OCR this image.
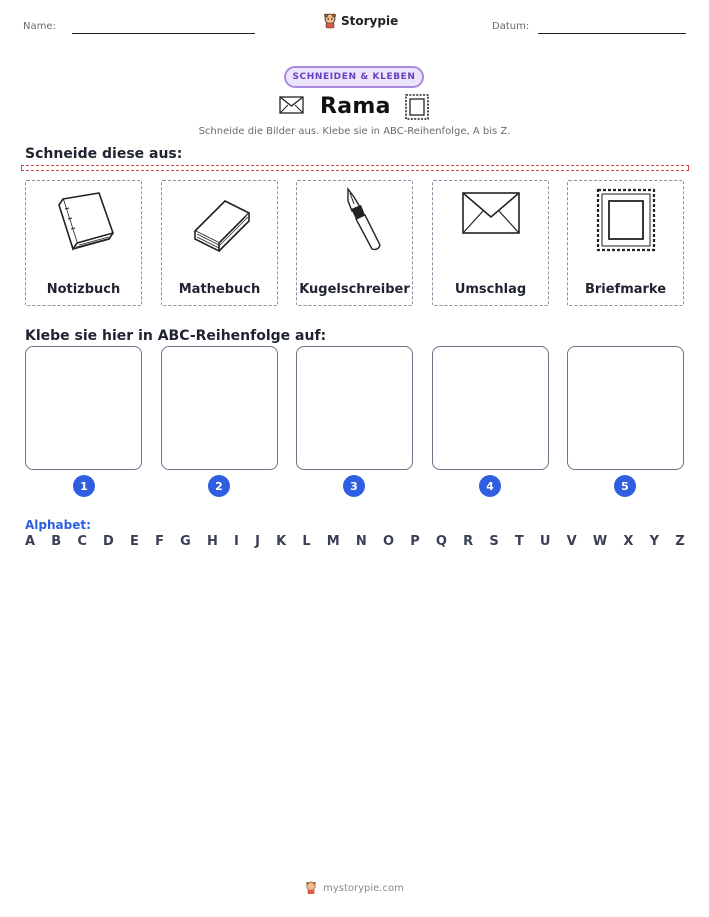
Name:	Storypie	Datum:
SCHNEIDEN & KLEBEN
Rama
Schneide die Bilder aus. Klebe sie in ABC-Reihenfolge, A bis Z.
Schneide diese aus:
Notizbuch	Mathebuch	Kugelschreiber	Umschlag	Briefmarke
Klebe sie hier in ABC-Reihenfolge auf:
1	2	3	4	5
Alphabet:
A B C D E F G H I J K L M N O P Q R S T U V W X Y Z
mystorypie.com
